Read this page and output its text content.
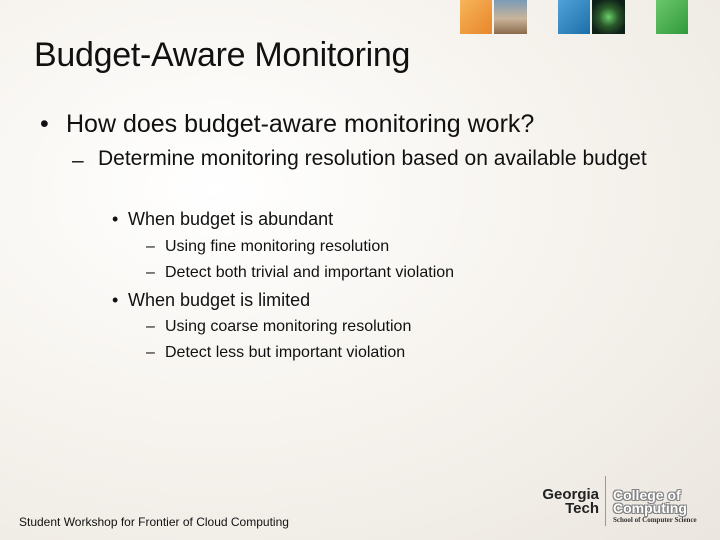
Budget-Aware Monitoring
• How does budget-aware monitoring work?
– Determine monitoring resolution based on available budget
• When budget is abundant
– Using fine monitoring resolution
– Detect both trivial and important violation
• When budget is limited
– Using coarse monitoring resolution
– Detect less but important violation
Student Workshop for Frontier of Cloud Computing
Georgia
Tech
College of
Computing
School of Computer Science
